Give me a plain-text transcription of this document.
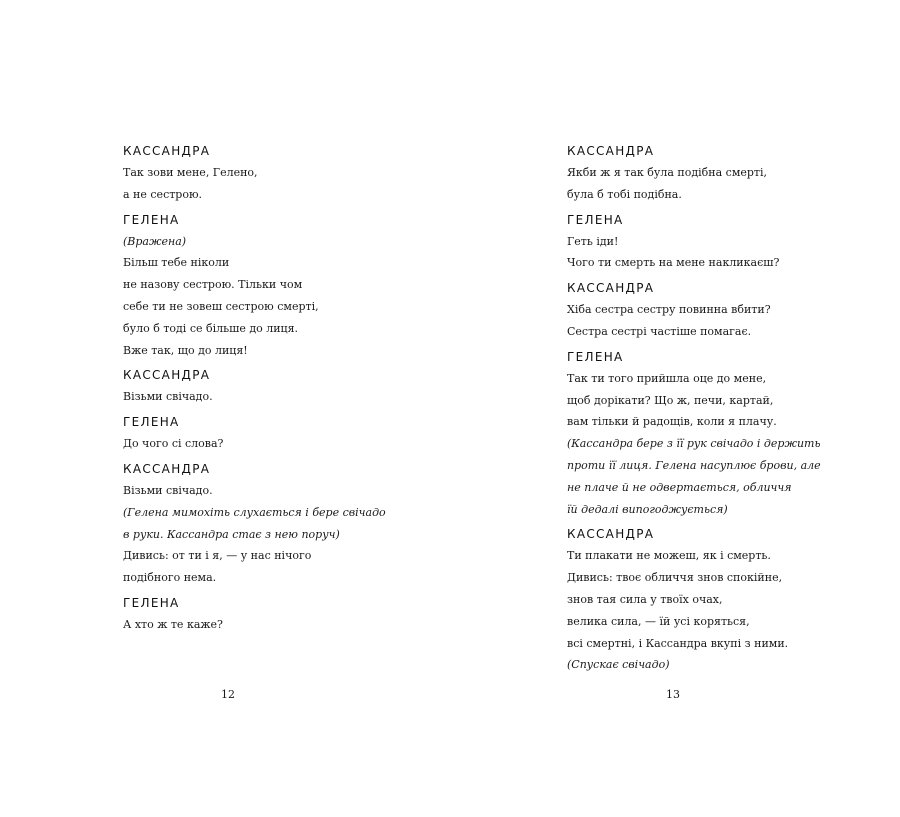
КАССАНДРА
Так зови мене, Гелено,
а не сестрою.
ГЕЛЕНА
(Вражена)
Більш тебе ніколи
не назову сестрою. Тільки чом
себе ти не зовеш сестрою смерті,
було б тоді се більше до лиця.
Вже так, що до лиця!
КАССАНДРА
Візьми свічадо.
ГЕЛЕНА
До чого сі слова?
КАССАНДРА
Візьми свічадо.
(Гелена мимохіть слухається і бере свічадо
в руки. Кассандра стає з нею поруч)
Дивись: от ти і я, — у нас нічого
подібного нема.
ГЕЛЕНА
А хто ж те каже?
КАССАНДРА
Якби ж я так була подібна смерті,
була б тобі подібна.
ГЕЛЕНА
Геть іди!
Чого ти смерть на мене накликаєш?
КАССАНДРА
Хіба сестра сестру повинна вбити?
Сестра сестрі частіше помагає.
ГЕЛЕНА
Так ти того прийшла оце до мене,
щоб дорікати? Що ж, печи, картай,
вам тільки й радощів, коли я плачу.
(Кассандра бере з її рук свічадо і держить
проти її лиця. Гелена насуплює брови, але
не плаче й не одвертається, обличчя
їй дедалі випогоджується)
КАССАНДРА
Ти плакати не можеш, як і смерть.
Дивись: твоє обличчя знов спокійне,
знов тая сила у твоїх очах,
велика сила, — їй усі коряться,
всі смертні, і Кассандра вкупі з ними.
(Спускає свічадо)
12	13
